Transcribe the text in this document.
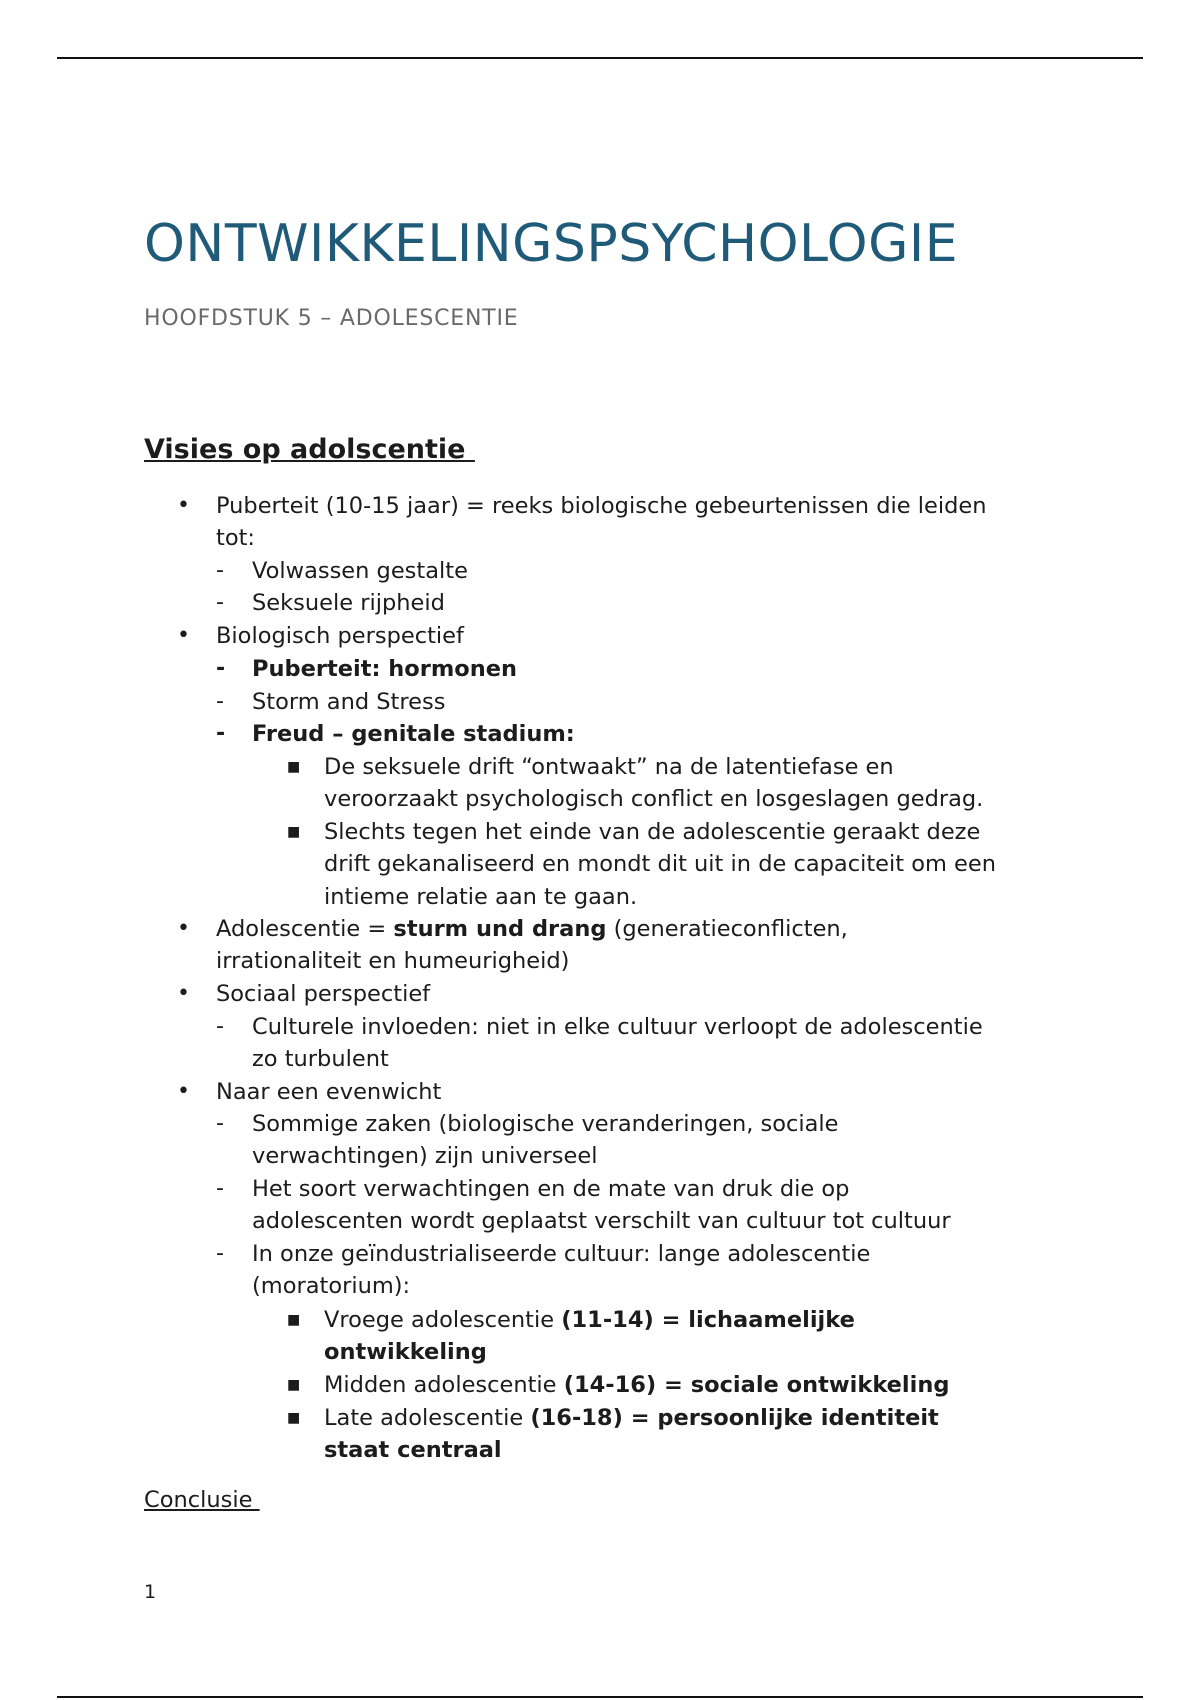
ONTWIKKELINGSPSYCHOLOGIE

HOOFDSTUK 5 – ADOLESCENTIE

Visies op adolscentie
• Puberteit (10-15 jaar) = reeks biologische gebeurtenissen die leiden

tot:

- Volwassen gestalte

- Seksuele rijpheid

• Biologisch perspectief

- Puberteit: hormonen

- Storm and Stress

- Freud – genitale stadium:

■ De seksuele drift “ontwaakt” na de latentiefase en

veroorzaakt psychologisch conflict en losgeslagen gedrag.

■ Slechts tegen het einde van de adolescentie geraakt deze

drift gekanaliseerd en mondt dit uit in de capaciteit om een

intieme relatie aan te gaan.

• Adolescentie = sturm und drang (generatieconflicten,

irrationaliteit en humeurigheid)

• Sociaal perspectief

- Culturele invloeden: niet in elke cultuur verloopt de adolescentie

zo turbulent

• Naar een evenwicht

- Sommige zaken (biologische veranderingen, sociale

verwachtingen) zijn universeel

- Het soort verwachtingen en de mate van druk die op

adolescenten wordt geplaatst verschilt van cultuur tot cultuur

- In onze geïndustrialiseerde cultuur: lange adolescentie

(moratorium):

■ Vroege adolescentie (11-14) = lichaamelijke

ontwikkeling

■ Midden adolescentie (14-16) = sociale ontwikkeling

■ Late adolescentie (16-18) = persoonlijke identiteit

staat centraal

Conclusie

1
